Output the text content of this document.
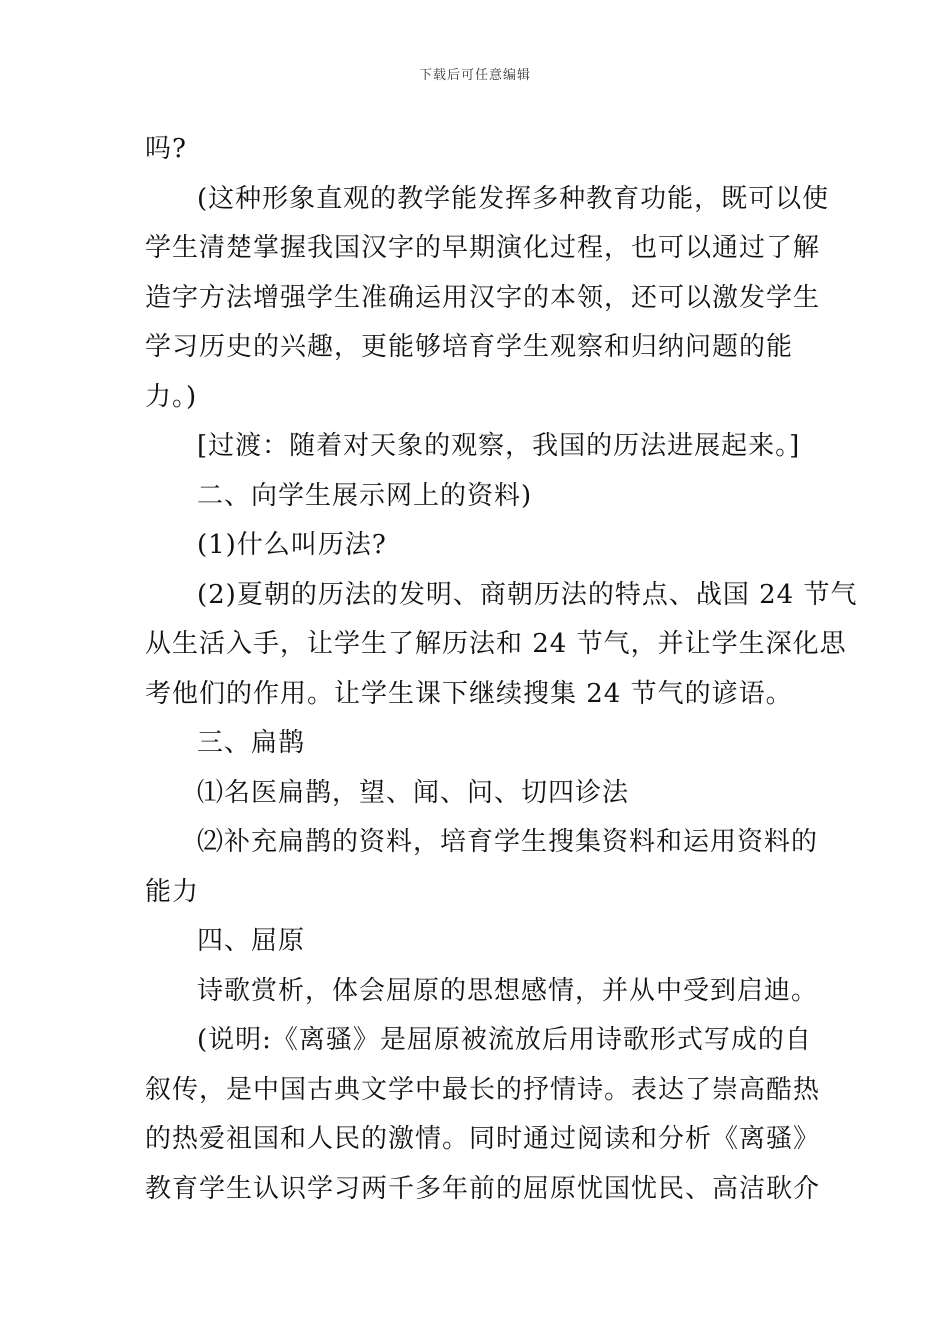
下载后可任意编辑
吗?
(这种形象直观的教学能发挥多种教育功能，既可以使
学生清楚掌握我国汉字的早期演化过程，也可以通过了解
造字方法增强学生准确运用汉字的本领，还可以激发学生
学习历史的兴趣，更能够培育学生观察和归纳问题的能
力。)
[过渡：随着对天象的观察，我国的历法进展起来。]
二、向学生展示网上的资料)
(1)什么叫历法?
(2)夏朝的历法的发明、商朝历法的特点、战国 24 节气
从生活入手，让学生了解历法和 24 节气，并让学生深化思
考他们的作用。让学生课下继续搜集 24 节气的谚语。
三、扁鹊
⑴名医扁鹊，望、闻、问、切四诊法
⑵补充扁鹊的资料，培育学生搜集资料和运用资料的
能力
四、屈原
诗歌赏析，体会屈原的思想感情，并从中受到启迪。
(说明:《离骚》是屈原被流放后用诗歌形式写成的自
叙传，是中国古典文学中最长的抒情诗。表达了崇高酷热
的热爱祖国和人民的激情。同时通过阅读和分析《离骚》
教育学生认识学习两千多年前的屈原忧国忧民、高洁耿介
